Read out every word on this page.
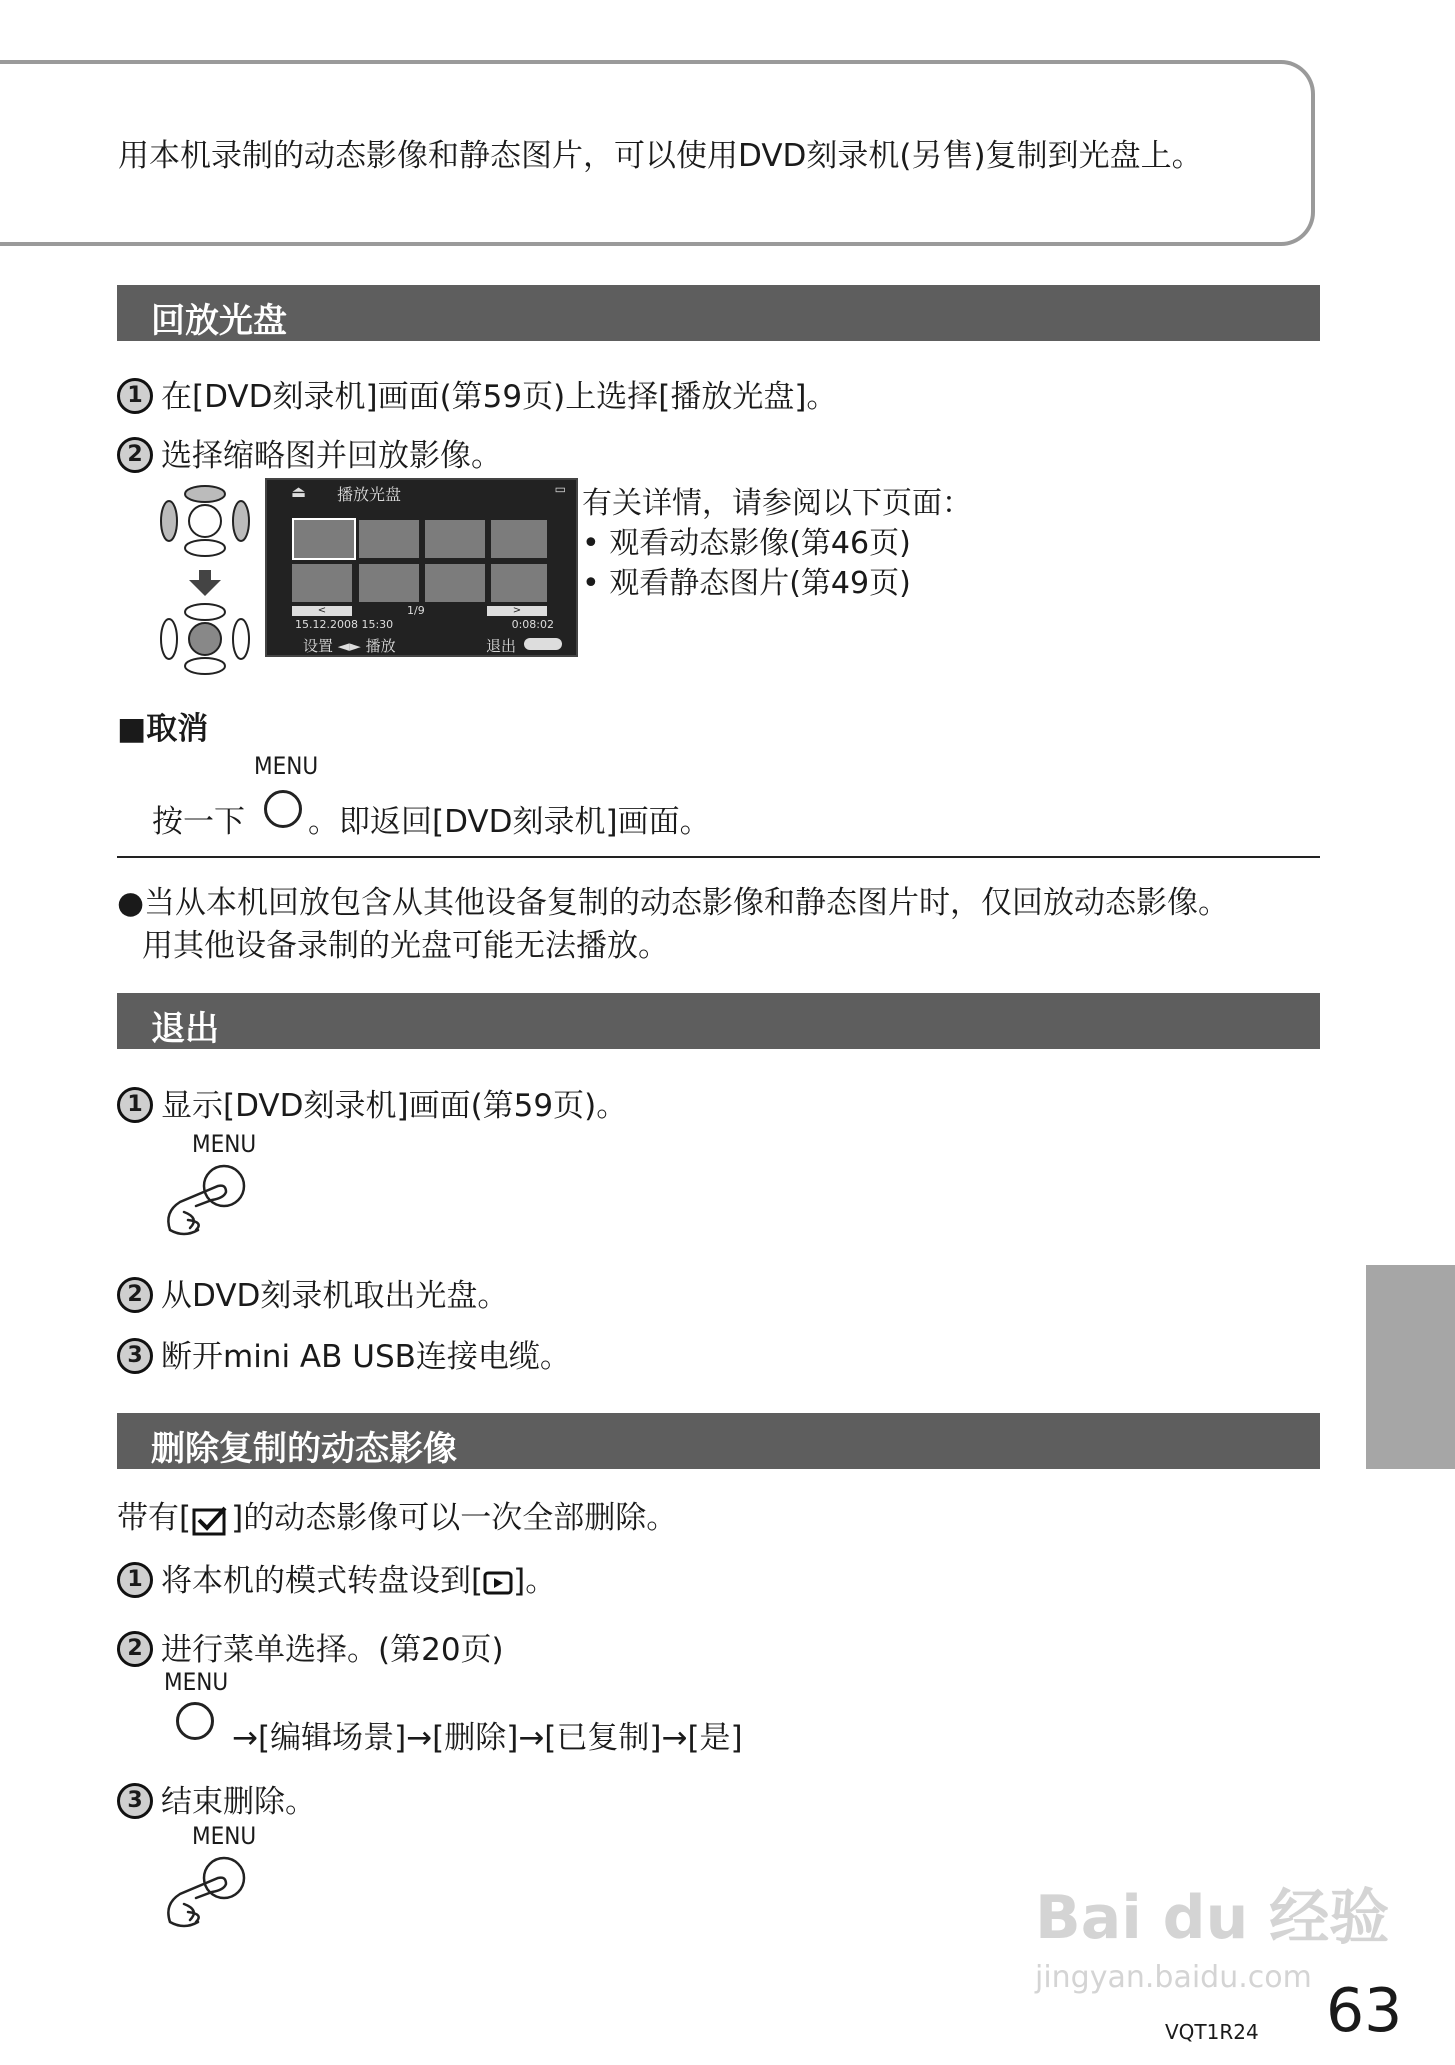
用本机录制的动态影像和静态图片，可以使用DVD刻录机(另售)复制到光盘上。
回放光盘
1 在[DVD刻录机]画面(第59页)上选择[播放光盘]。
2 选择缩略图并回放影像。
⏏ 播放光盘	▭
<	>
1/9
15.12.2008 15:30	0:08:02
设置 ◄► 播放	退出
有关详情，请参阅以下页面：
• 观看动态影像(第46页)
• 观看静态图片(第49页)
■取消
MENU
按一下 。即返回[DVD刻录机]画面。
●当从本机回放包含从其他设备复制的动态影像和静态图片时，仅回放动态影像。
用其他设备录制的光盘可能无法播放。
退出
1 显示[DVD刻录机]画面(第59页)。
MENU
2 从DVD刻录机取出光盘。
3 断开mini AB USB连接电缆。
删除复制的动态影像
带有[ ]的动态影像可以一次全部删除。
1 将本机的模式转盘设到[ ]。
2 进行菜单选择。(第20页)
MENU
→[编辑场景]→[删除]→[已复制]→[是]
3 结束删除。
MENU
Bai du 经验
jingyan.baidu.com
VQT1R24 63
